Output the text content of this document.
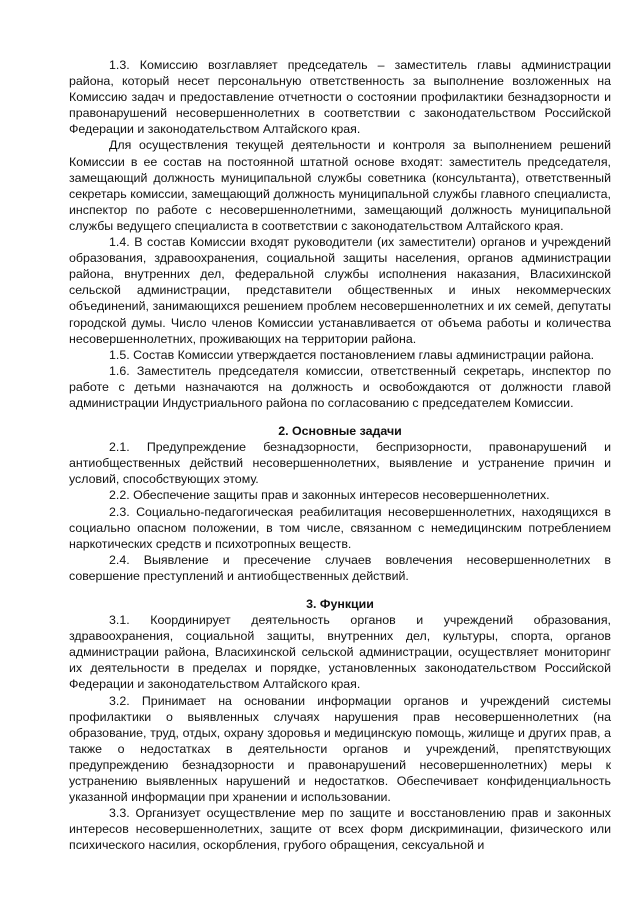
1.3. Комиссию возглавляет председатель – заместитель главы администрации района, который несет персональную ответственность за выполнение возложенных на Комиссию задач и предоставление отчетности о состоянии профилактики безнадзорности и правонарушений несовершеннолетних в соответствии с законодательством Российской Федерации и законодательством Алтайского края.

Для осуществления текущей деятельности и контроля за выполнением решений Комиссии в ее состав на постоянной штатной основе входят: заместитель председателя, замещающий должность муниципальной службы советника (консультанта), ответственный секретарь комиссии, замещающий должность муниципальной службы главного специалиста, инспектор по работе с несовершеннолетними, замещающий должность муниципальной службы ведущего специалиста в соответствии с законодательством Алтайского края.

1.4. В состав Комиссии входят руководители (их заместители) органов и учреждений образования, здравоохранения, социальной защиты населения, органов администрации района, внутренних дел, федеральной службы исполнения наказания, Власихинской сельской администрации, представители общественных и иных некоммерческих объединений, занимающихся решением проблем несовершеннолетних и их семей, депутаты городской думы. Число членов Комиссии устанавливается от объема работы и количества несовершеннолетних, проживающих на территории района.

1.5. Состав Комиссии утверждается постановлением главы администрации района.

1.6. Заместитель председателя комиссии, ответственный секретарь, инспектор по работе с детьми назначаются на должность и освобождаются от должности главой администрации Индустриального района по согласованию с председателем Комиссии.

2. Основные задачи

2.1. Предупреждение безнадзорности, беспризорности, правонарушений и антиобщественных действий несовершеннолетних, выявление и устранение причин и условий, способствующих этому.

2.2. Обеспечение защиты прав и законных интересов несовершеннолетних.

2.3. Социально-педагогическая реабилитация несовершеннолетних, находящихся в социально опасном положении, в том числе, связанном с немедицинским потреблением наркотических средств и психотропных веществ.

2.4. Выявление и пресечение случаев вовлечения несовершеннолетних в совершение преступлений и антиобщественных действий.

3. Функции

3.1. Координирует деятельность органов и учреждений образования, здравоохранения, социальной защиты, внутренних дел, культуры, спорта, органов администрации района, Власихинской сельской администрации, осуществляет мониторинг их деятельности в пределах и порядке, установленных законодательством Российской Федерации и законодательством Алтайского края.

3.2. Принимает на основании информации органов и учреждений системы профилактики о выявленных случаях нарушения прав несовершеннолетних (на образование, труд, отдых, охрану здоровья и медицинскую помощь, жилище и других прав, а также о недостатках в деятельности органов и учреждений, препятствующих предупреждению безнадзорности и правонарушений несовершеннолетних) меры к устранению выявленных нарушений и недостатков. Обеспечивает конфиденциальность указанной информации при хранении и использовании.

3.3. Организует осуществление мер по защите и восстановлению прав и законных интересов несовершеннолетних, защите от всех форм дискриминации, физического или психического насилия, оскорбления, грубого обращения, сексуальной и
